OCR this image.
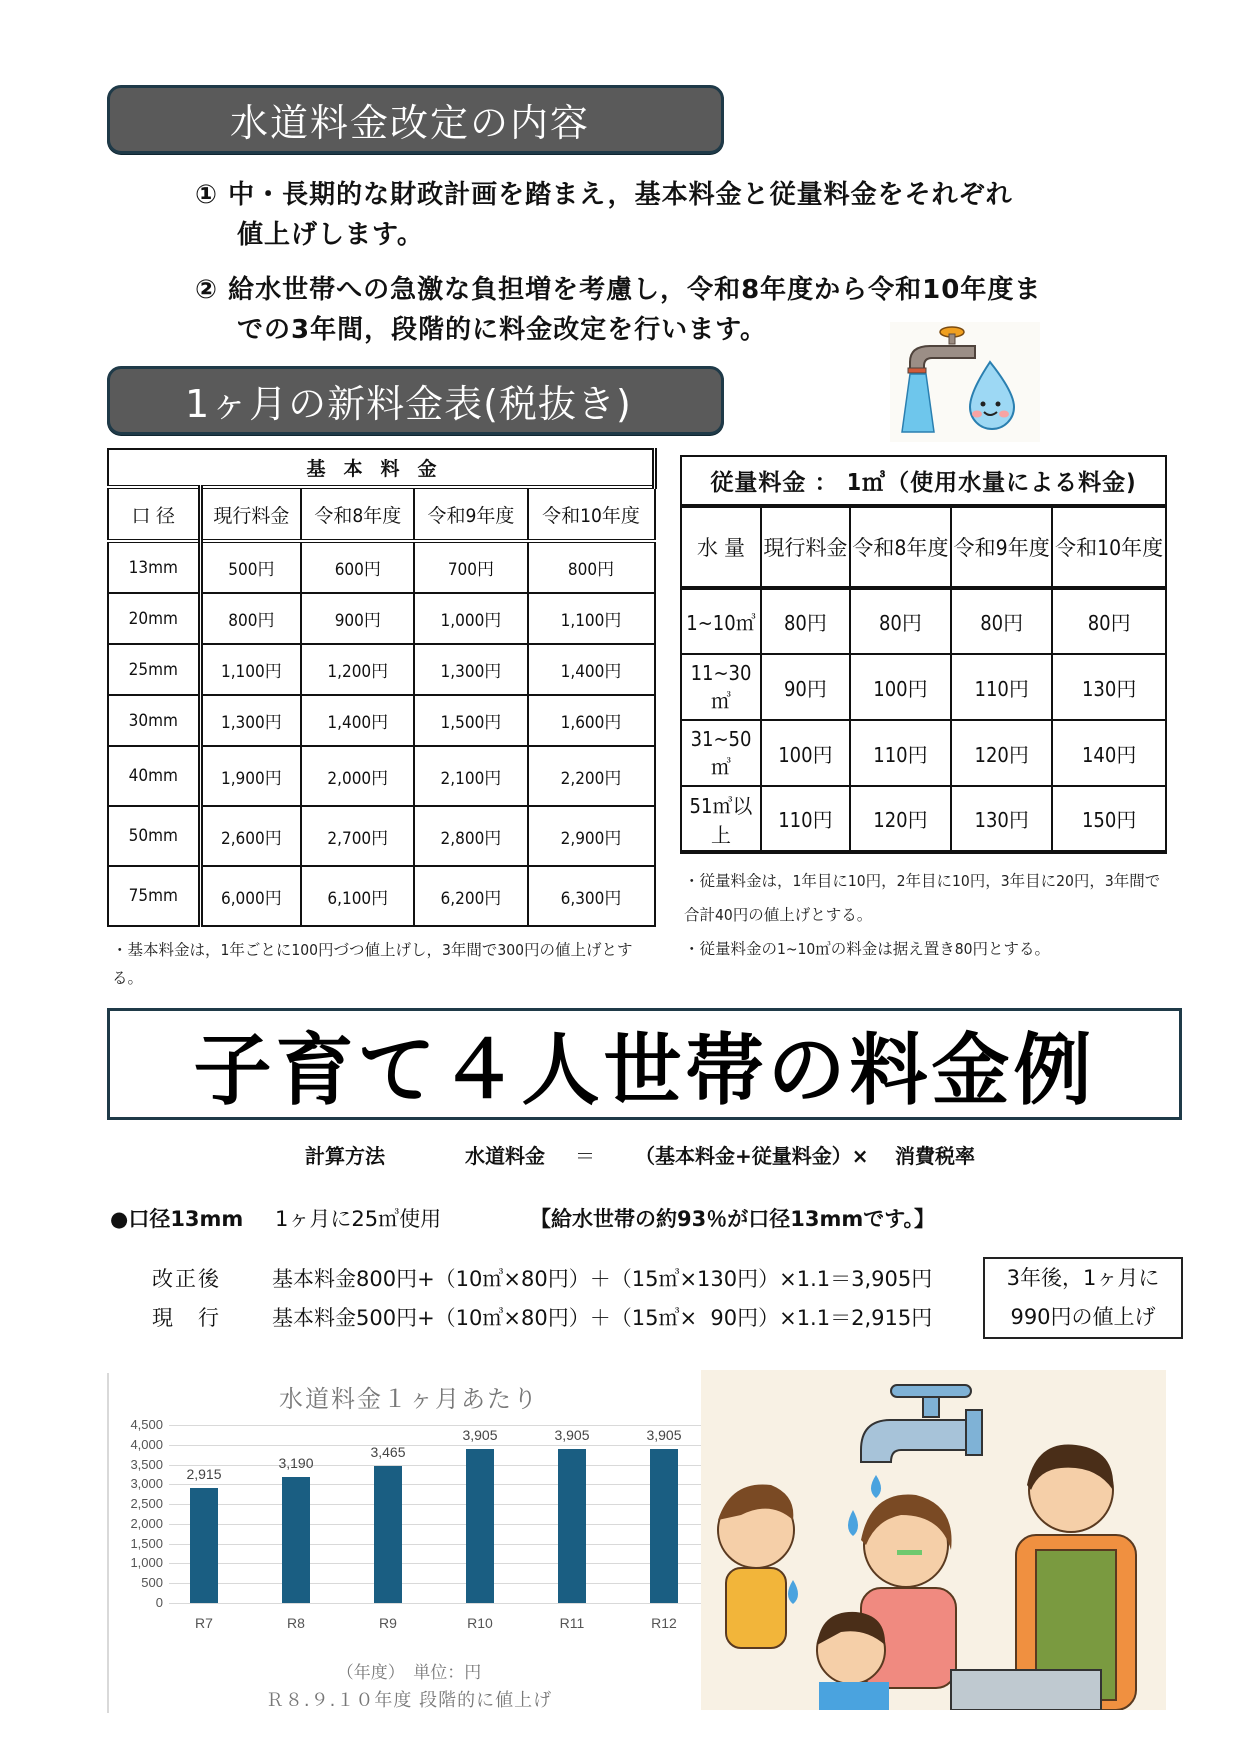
水道料金改定の内容
① 中・長期的な財政計画を踏まえ，基本料金と従量料金をそれぞれ
値上げします。
② 給水世帯への急激な負担増を考慮し，令和8年度から令和10年度ま
での3年間，段階的に料金改定を行います。
1ヶ月の新料金表(税抜き)
基本料金				
口 径	現行料金	令和8年度	令和9年度	令和10年度
13mm	500円	600円	700円	800円
20mm	800円	900円	1,000円	1,100円
25mm	1,100円	1,200円	1,300円	1,400円
30mm	1,300円	1,400円	1,500円	1,600円
40mm	1,900円	2,000円	2,100円	2,200円
50mm	2,600円	2,700円	2,800円	2,900円
75mm	6,000円	6,100円	6,200円	6,300円
・基本料金は，1年ごとに100円づつ値上げし，3年間で300円の値上げとする。
従量料金 ： 1㎥（使用水量による料金)				
水 量	現行料金	令和8年度	令和9年度	令和10年度
1~10㎥	80円	80円	80円	80円
11~30㎥	90円	100円	110円	130円
31~50㎥	100円	110円	120円	140円
51㎥以上	110円	120円	130円	150円
・従量料金は，1年目に10円，2年目に10円，3年目に20円，3年間で合計40円の値上げとする。
・従量料金の1~10㎥の料金は据え置き80円とする。
子育て４人世帯の料金例
計算方法	水道料金	＝	（基本料金+従量料金）×	消費税率
●口径13mm	1ヶ月に25㎥使用	【給水世帯の約93％が口径13mmです。】
改正後	基本料金800円+（10㎥×80円）＋（15㎥×130円）×1.1＝3,905円
現　行	基本料金500円+（10㎥×80円）＋（15㎥×  90円）×1.1＝2,915円
3年後，1ヶ月に
990円の値上げ
水道料金１ヶ月あたり
（年度）　単位：円
Ｒ８.９.１０年度 段階的に値上げ
4,500
4,000
3,500
3,000
2,500
2,000
1,500
1,000
500
0
2,915
R7
3,190
R8
3,465
R9
3,905
R10
3,905
R11
3,905
R12
